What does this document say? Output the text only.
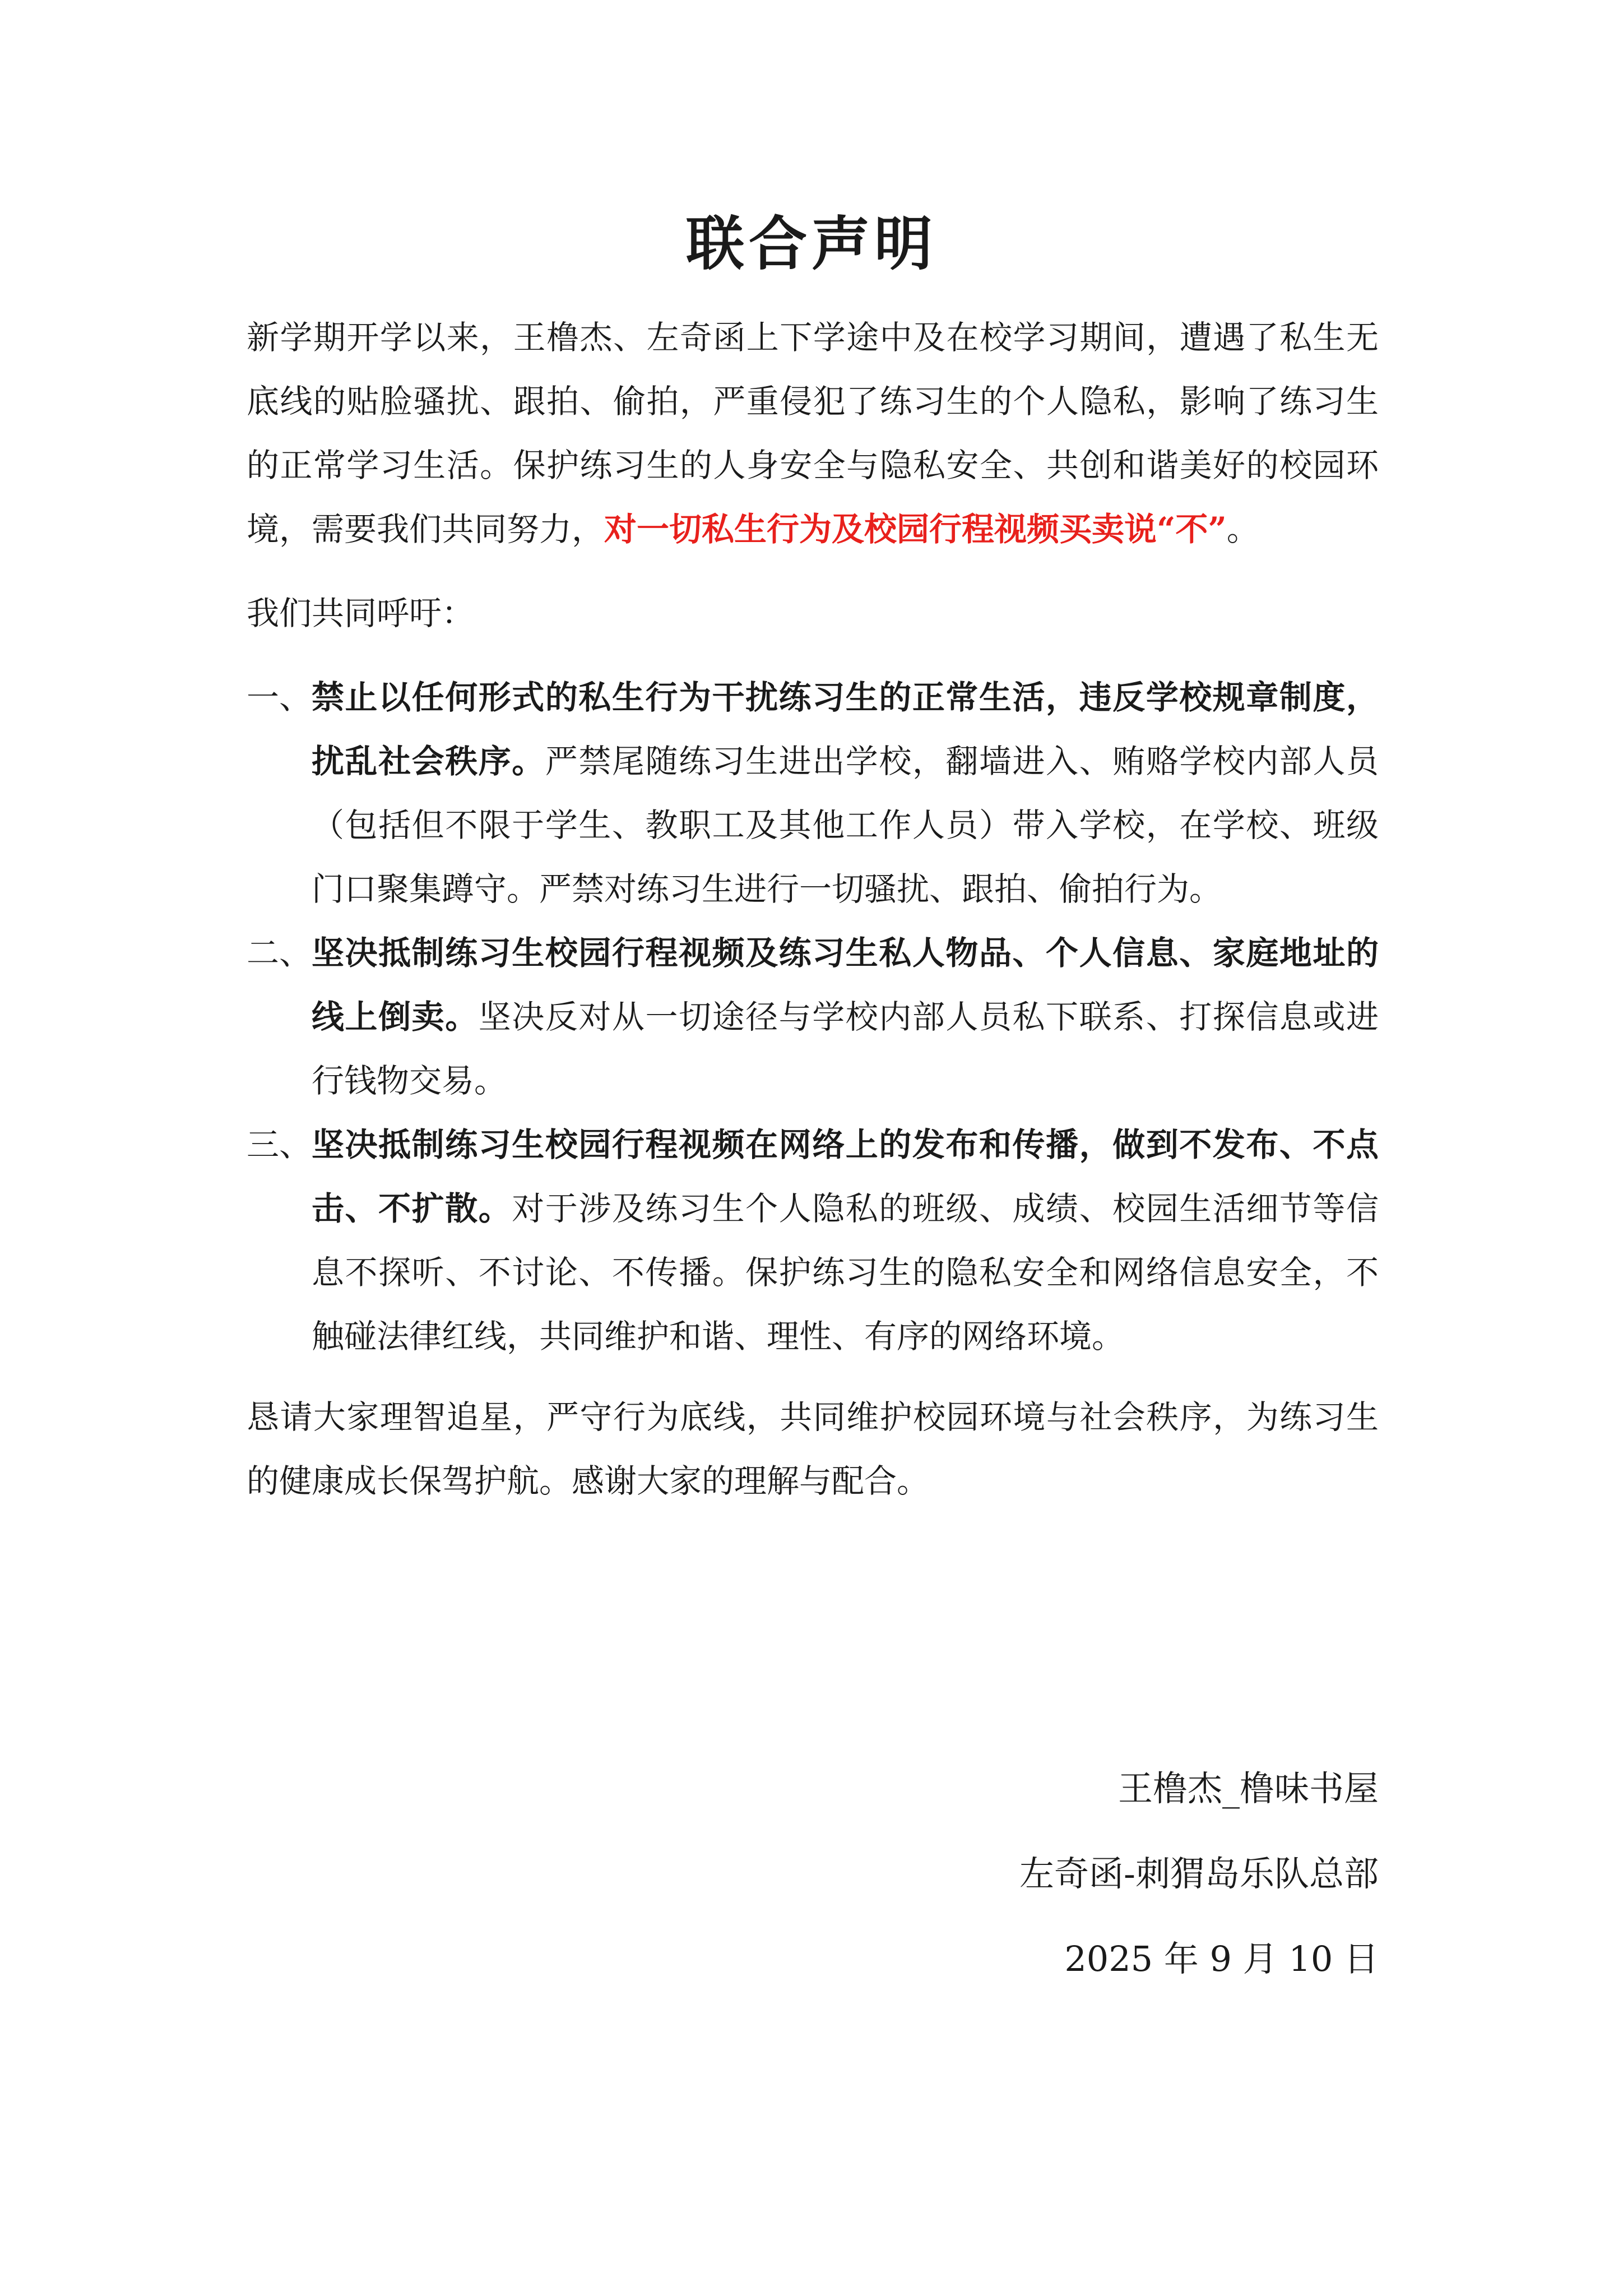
联合声明

新学期开学以来，王橹杰、左奇函上下学途中及在校学习期间，遭遇了私生无底线的贴脸骚扰、跟拍、偷拍，严重侵犯了练习生的个人隐私，影响了练习生的正常学习生活。保护练习生的人身安全与隐私安全、共创和谐美好的校园环境，需要我们共同努力，对一切私生行为及校园行程视频买卖说“不”。

我们共同呼吁：

一、 禁止以任何形式的私生行为干扰练习生的正常生活，违反学校规章制度，扰乱社会秩序。严禁尾随练习生进出学校，翻墙进入、贿赂学校内部人员（包括但不限于学生、教职工及其他工作人员）带入学校，在学校、班级门口聚集蹲守。严禁对练习生进行一切骚扰、跟拍、偷拍行为。
二、 坚决抵制练习生校园行程视频及练习生私人物品、个人信息、家庭地址的线上倒卖。坚决反对从一切途径与学校内部人员私下联系、打探信息或进行钱物交易。
三、 坚决抵制练习生校园行程视频在网络上的发布和传播，做到不发布、不点击、不扩散。对于涉及练习生个人隐私的班级、成绩、校园生活细节等信息不探听、不讨论、不传播。保护练习生的隐私安全和网络信息安全，不触碰法律红线，共同维护和谐、理性、有序的网络环境。

恳请大家理智追星，严守行为底线，共同维护校园环境与社会秩序，为练习生的健康成长保驾护航。感谢大家的理解与配合。

王橹杰_橹味书屋
左奇函-刺猬岛乐队总部
2025 年 9 月 10 日
